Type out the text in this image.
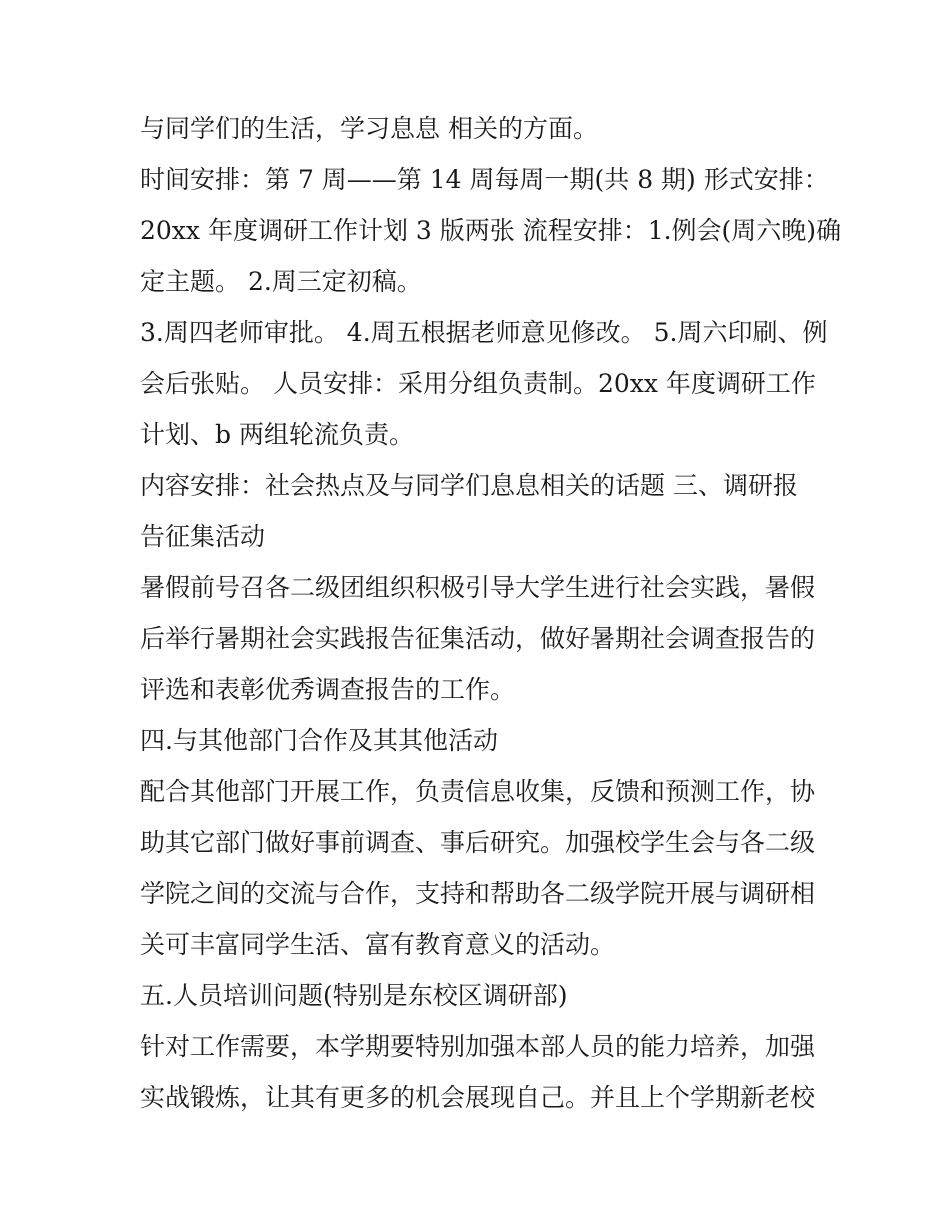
与同学们的生活，学习息息 相关的方面。
时间安排：第 7 周——第 14 周每周一期(共 8 期) 形式安排：
20xx 年度调研工作计划 3 版两张 流程安排：1.例会(周六晚)确
定主题。 2.周三定初稿。
3.周四老师审批。 4.周五根据老师意见修改。 5.周六印刷、例
会后张贴。 人员安排：采用分组负责制。20xx 年度调研工作
计划、b 两组轮流负责。
内容安排：社会热点及与同学们息息相关的话题 三、调研报
告征集活动
暑假前号召各二级团组织积极引导大学生进行社会实践，暑假
后举行暑期社会实践报告征集活动，做好暑期社会调查报告的
评选和表彰优秀调查报告的工作。
四.与其他部门合作及其其他活动
配合其他部门开展工作，负责信息收集，反馈和预测工作，协
助其它部门做好事前调查、事后研究。加强校学生会与各二级
学院之间的交流与合作，支持和帮助各二级学院开展与调研相
关可丰富同学生活、富有教育意义的活动。
五.人员培训问题(特别是东校区调研部)
针对工作需要，本学期要特别加强本部人员的能力培养，加强
实战锻炼，让其有更多的机会展现自己。并且上个学期新老校
